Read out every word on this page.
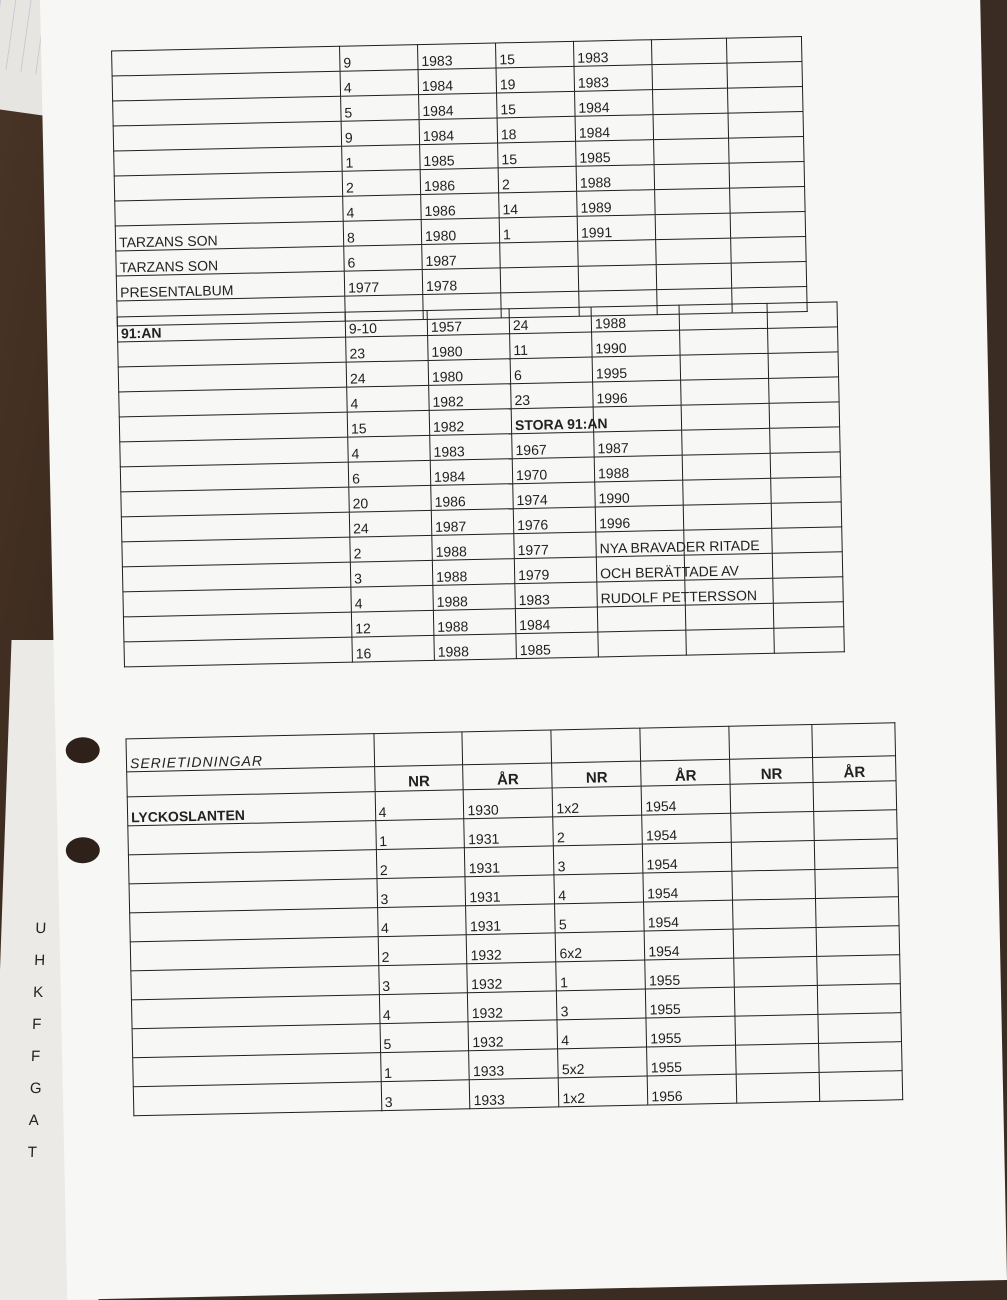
U
H
K
F
F
G
A
T
	9	1983	15	1983		
	4	1984	19	1983		
	5	1984	15	1984		
	9	1984	18	1984		
	1	1985	15	1985		
	2	1986	2	1988		
	4	1986	14	1989		
TARZANS SON	8	1980	1	1991		
TARZANS SON	6	1987				
PRESENTALBUM	1977	1978				

91:AN	9-10	1957	24	1988		
	23	1980	11	1990		
	24	1980	6	1995		
	4	1982	23	1996		
	15	1982	STORA 91:AN			
	4	1983	1967	1987		
	6	1984	1970	1988		
	20	1986	1974	1990		
	24	1987	1976	1996		
	2	1988	1977	NYA BRAVADER RITADE		
	3	1988	1979	OCH BERÄTTADE AV		
	4	1988	1983	RUDOLF PETTERSSON		
	12	1988	1984			
	16	1988	1985			
SERIETIDNINGAR						
	NR	ÅR	NR	ÅR	NR	ÅR
LYCKOSLANTEN	4	1930	1x2	1954		
	1	1931	2	1954		
	2	1931	3	1954		
	3	1931	4	1954		
	4	1931	5	1954		
	2	1932	6x2	1954		
	3	1932	1	1955		
	4	1932	3	1955		
	5	1932	4	1955		
	1	1933	5x2	1955		
	3	1933	1x2	1956		
